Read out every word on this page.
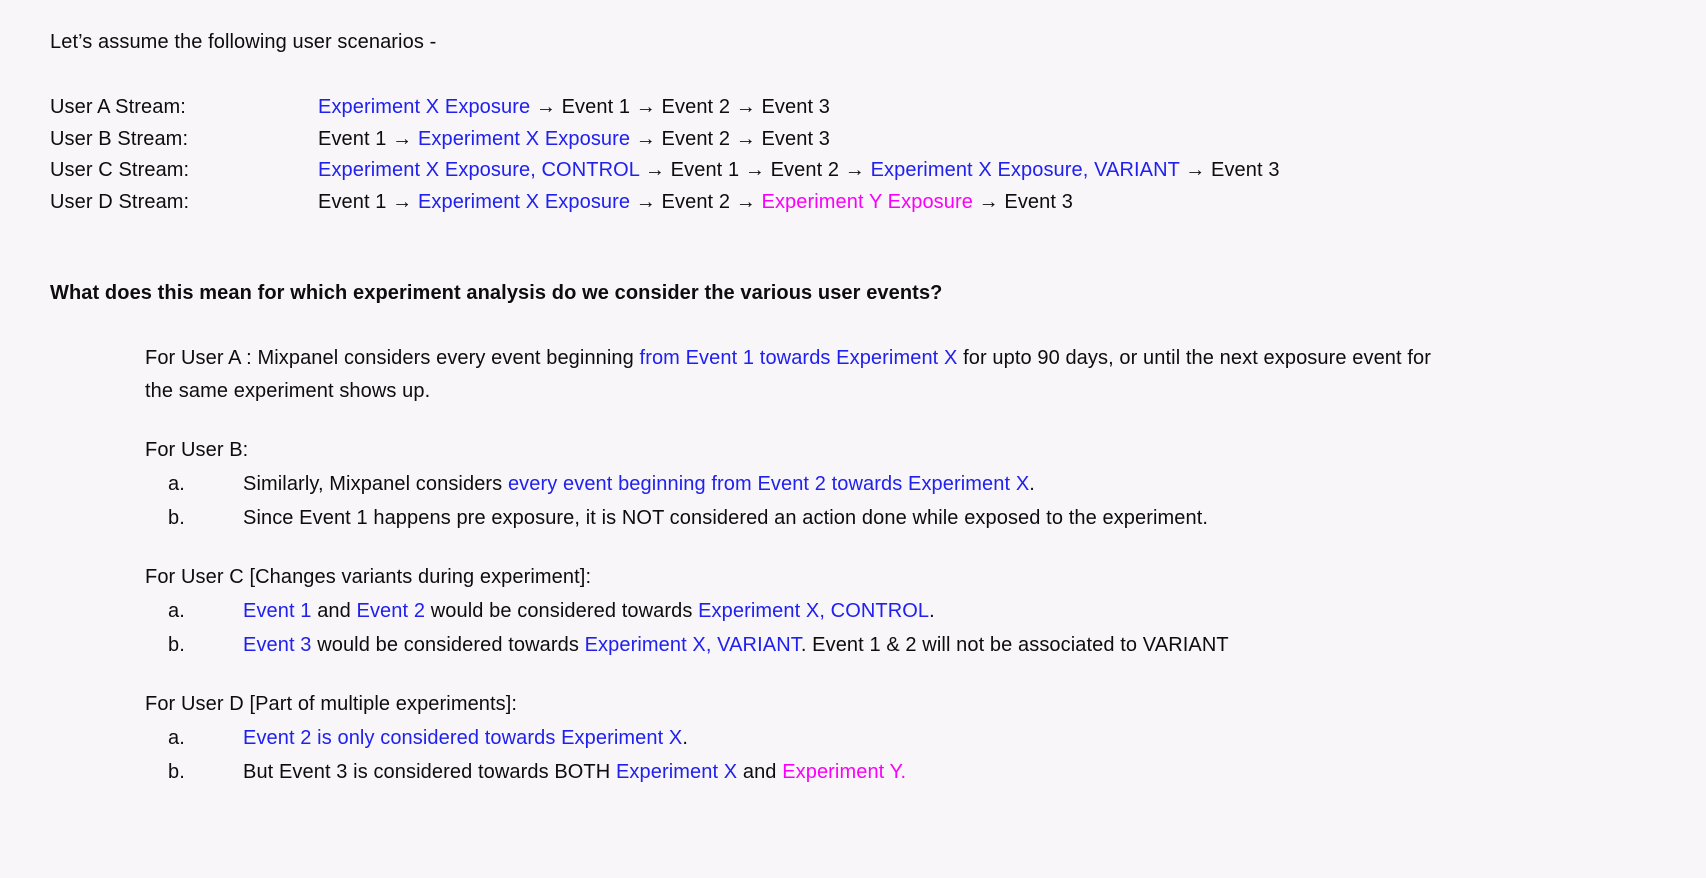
Let’s assume the following user scenarios -

User A Stream:	Experiment X Exposure → Event 1 → Event 2 → Event 3
User B Stream:	Event 1 → Experiment X Exposure → Event 2 → Event 3
User C Stream:	Experiment X Exposure, CONTROL → Event 1 → Event 2 → Experiment X Exposure, VARIANT → Event 3
User D Stream:	Event 1 → Experiment X Exposure → Event 2 → Experiment Y Exposure → Event 3

What does this mean for which experiment analysis do we consider the various user events?

For User A : Mixpanel considers every event beginning from Event 1 towards Experiment X for upto 90 days, or until the next exposure event for the same experiment shows up.
For User B:
a.	Similarly, Mixpanel considers every event beginning from Event 2 towards Experiment X.
b.	Since Event 1 happens pre exposure, it is NOT considered an action done while exposed to the experiment.
For User C [Changes variants during experiment]:
a.	Event 1 and Event 2 would be considered towards Experiment X, CONTROL.
b.	Event 3 would be considered towards Experiment X, VARIANT. Event 1 & 2 will not be associated to VARIANT
For User D [Part of multiple experiments]:
a.	Event 2 is only considered towards Experiment X.
b.	But Event 3 is considered towards BOTH Experiment X and Experiment Y.
